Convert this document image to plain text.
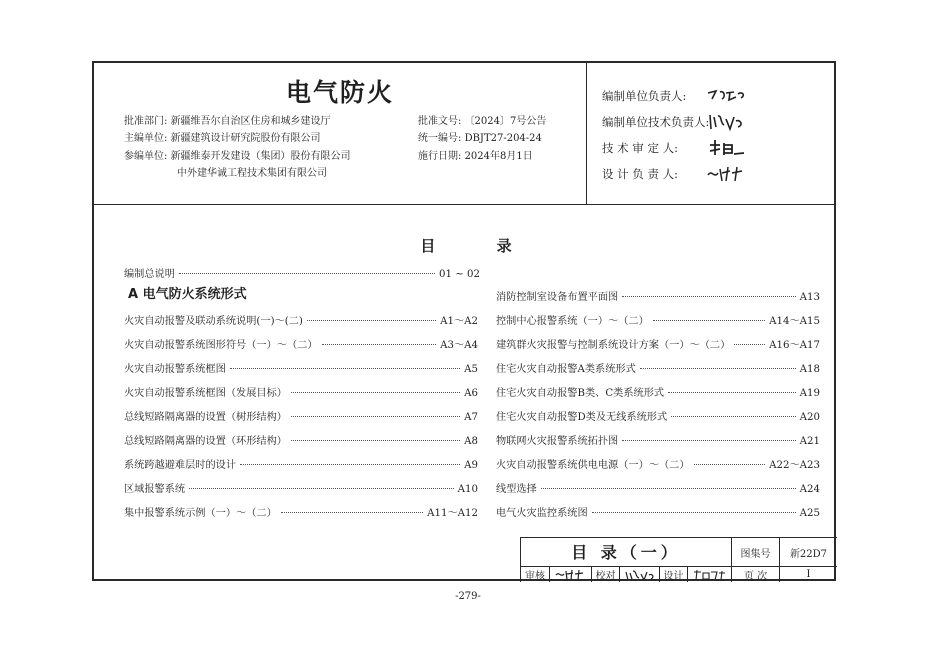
电气防火
批准部门: 新疆维吾尔自治区住房和城乡建设厅
主编单位: 新疆建筑设计研究院股份有限公司
参编单位: 新疆维泰开发建设（集团）股份有限公司
中外建华诚工程技术集团有限公司
批准文号: 〔2024〕7号公告
统一编号: DBJT27-204-24
施行日期: 2024年8月1日
编制单位负责人:
编制单位技术负责人:
技 术 审 定 人:
设 计 负 责 人:
目 录
编制总说明	01 ~ 02
A 电气防火系统形式
火灾自动报警及联动系统说明(一)～(二)	A1～A2
火灾自动报警系统图形符号（一）～（二）	A3～A4
火灾自动报警系统框图	A5
火灾自动报警系统框图（发展目标）	A6
总线短路隔离器的设置（树形结构）	A7
总线短路隔离器的设置（环形结构）	A8
系统跨越避难层时的设计	A9
区域报警系统	A10
集中报警系统示例（一）～（二）	A11～A12
消防控制室设备布置平面图	A13
控制中心报警系统（一）～（二）	A14～A15
建筑群火灾报警与控制系统设计方案（一）～（二）	A16～A17
住宅火灾自动报警A类系统形式	A18
住宅火灾自动报警B类、C类系统形式	A19
住宅火灾自动报警D类及无线系统形式	A20
物联网火灾报警系统拓扑图	A21
火灾自动报警系统供电电源（一）～（二）	A22～A23
线型选择	A24
电气火灾监控系统图	A25
目 录（一）	图集号	新22D7
审核	校对	设计	页 次	I
-279-
